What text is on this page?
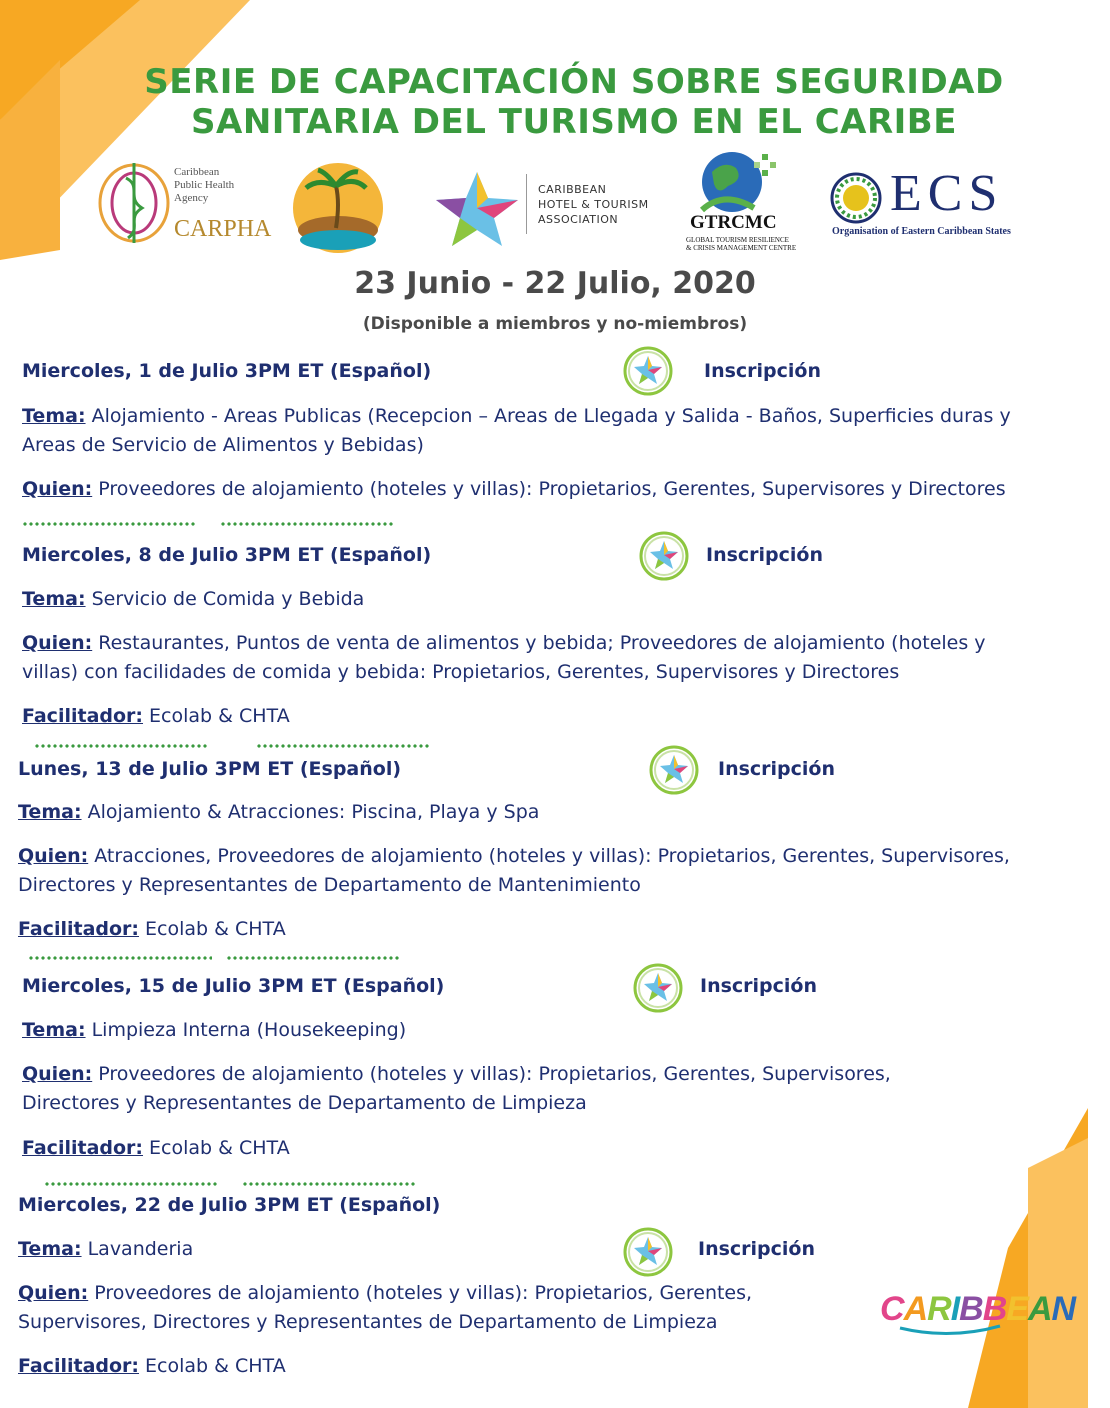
SERIE DE CAPACITACIÓN SOBRE SEGURIDAD
SANITARIA DEL TURISMO EN EL CARIBE
Caribbean
Public Health
Agency
CARPHA
CARIBBEAN
HOTEL & TOURISM
ASSOCIATION	GTRCMC
GLOBAL TOURISM RESILIENCE
& CRISIS MANAGEMENT CENTRE
ECS
Organisation of Eastern Caribbean States
23 Junio - 22 Julio, 2020
(Disponible a miembros y no-miembros)
Miercoles, 1 de Julio 3PM ET (Español)	Inscripción
Tema: Alojamiento - Areas Publicas (Recepcion – Areas de Llegada y Salida - Baños, Superficies duras y
Areas de Servicio de Alimentos y Bebidas)
Quien: Proveedores de alojamiento (hoteles y villas): Propietarios, Gerentes, Supervisores y Directores
Miercoles, 8 de Julio 3PM ET (Español)	Inscripción
Tema: Servicio de Comida y Bebida
Quien: Restaurantes, Puntos de venta de alimentos y bebida; Proveedores de alojamiento (hoteles y
villas) con facilidades de comida y bebida: Propietarios, Gerentes, Supervisores y Directores
Facilitador: Ecolab & CHTA
Lunes, 13 de Julio 3PM ET (Español)	Inscripción
Tema: Alojamiento & Atracciones: Piscina, Playa y Spa
Quien: Atracciones, Proveedores de alojamiento (hoteles y villas): Propietarios, Gerentes, Supervisores,
Directores y Representantes de Departamento de Mantenimiento
Facilitador: Ecolab & CHTA
Miercoles, 15 de Julio 3PM ET (Español)	Inscripción
Tema: Limpieza Interna (Housekeeping)
Quien: Proveedores de alojamiento (hoteles y villas): Propietarios, Gerentes, Supervisores,
Directores y Representantes de Departamento de Limpieza
Facilitador: Ecolab & CHTA
Miercoles, 22 de Julio 3PM ET (Español)
Inscripción
Tema: Lavanderia
Quien: Proveedores de alojamiento (hoteles y villas): Propietarios, Gerentes,
Supervisores, Directores y Representantes de Departamento de Limpieza
Facilitador: Ecolab & CHTA
CARIBBEAN
